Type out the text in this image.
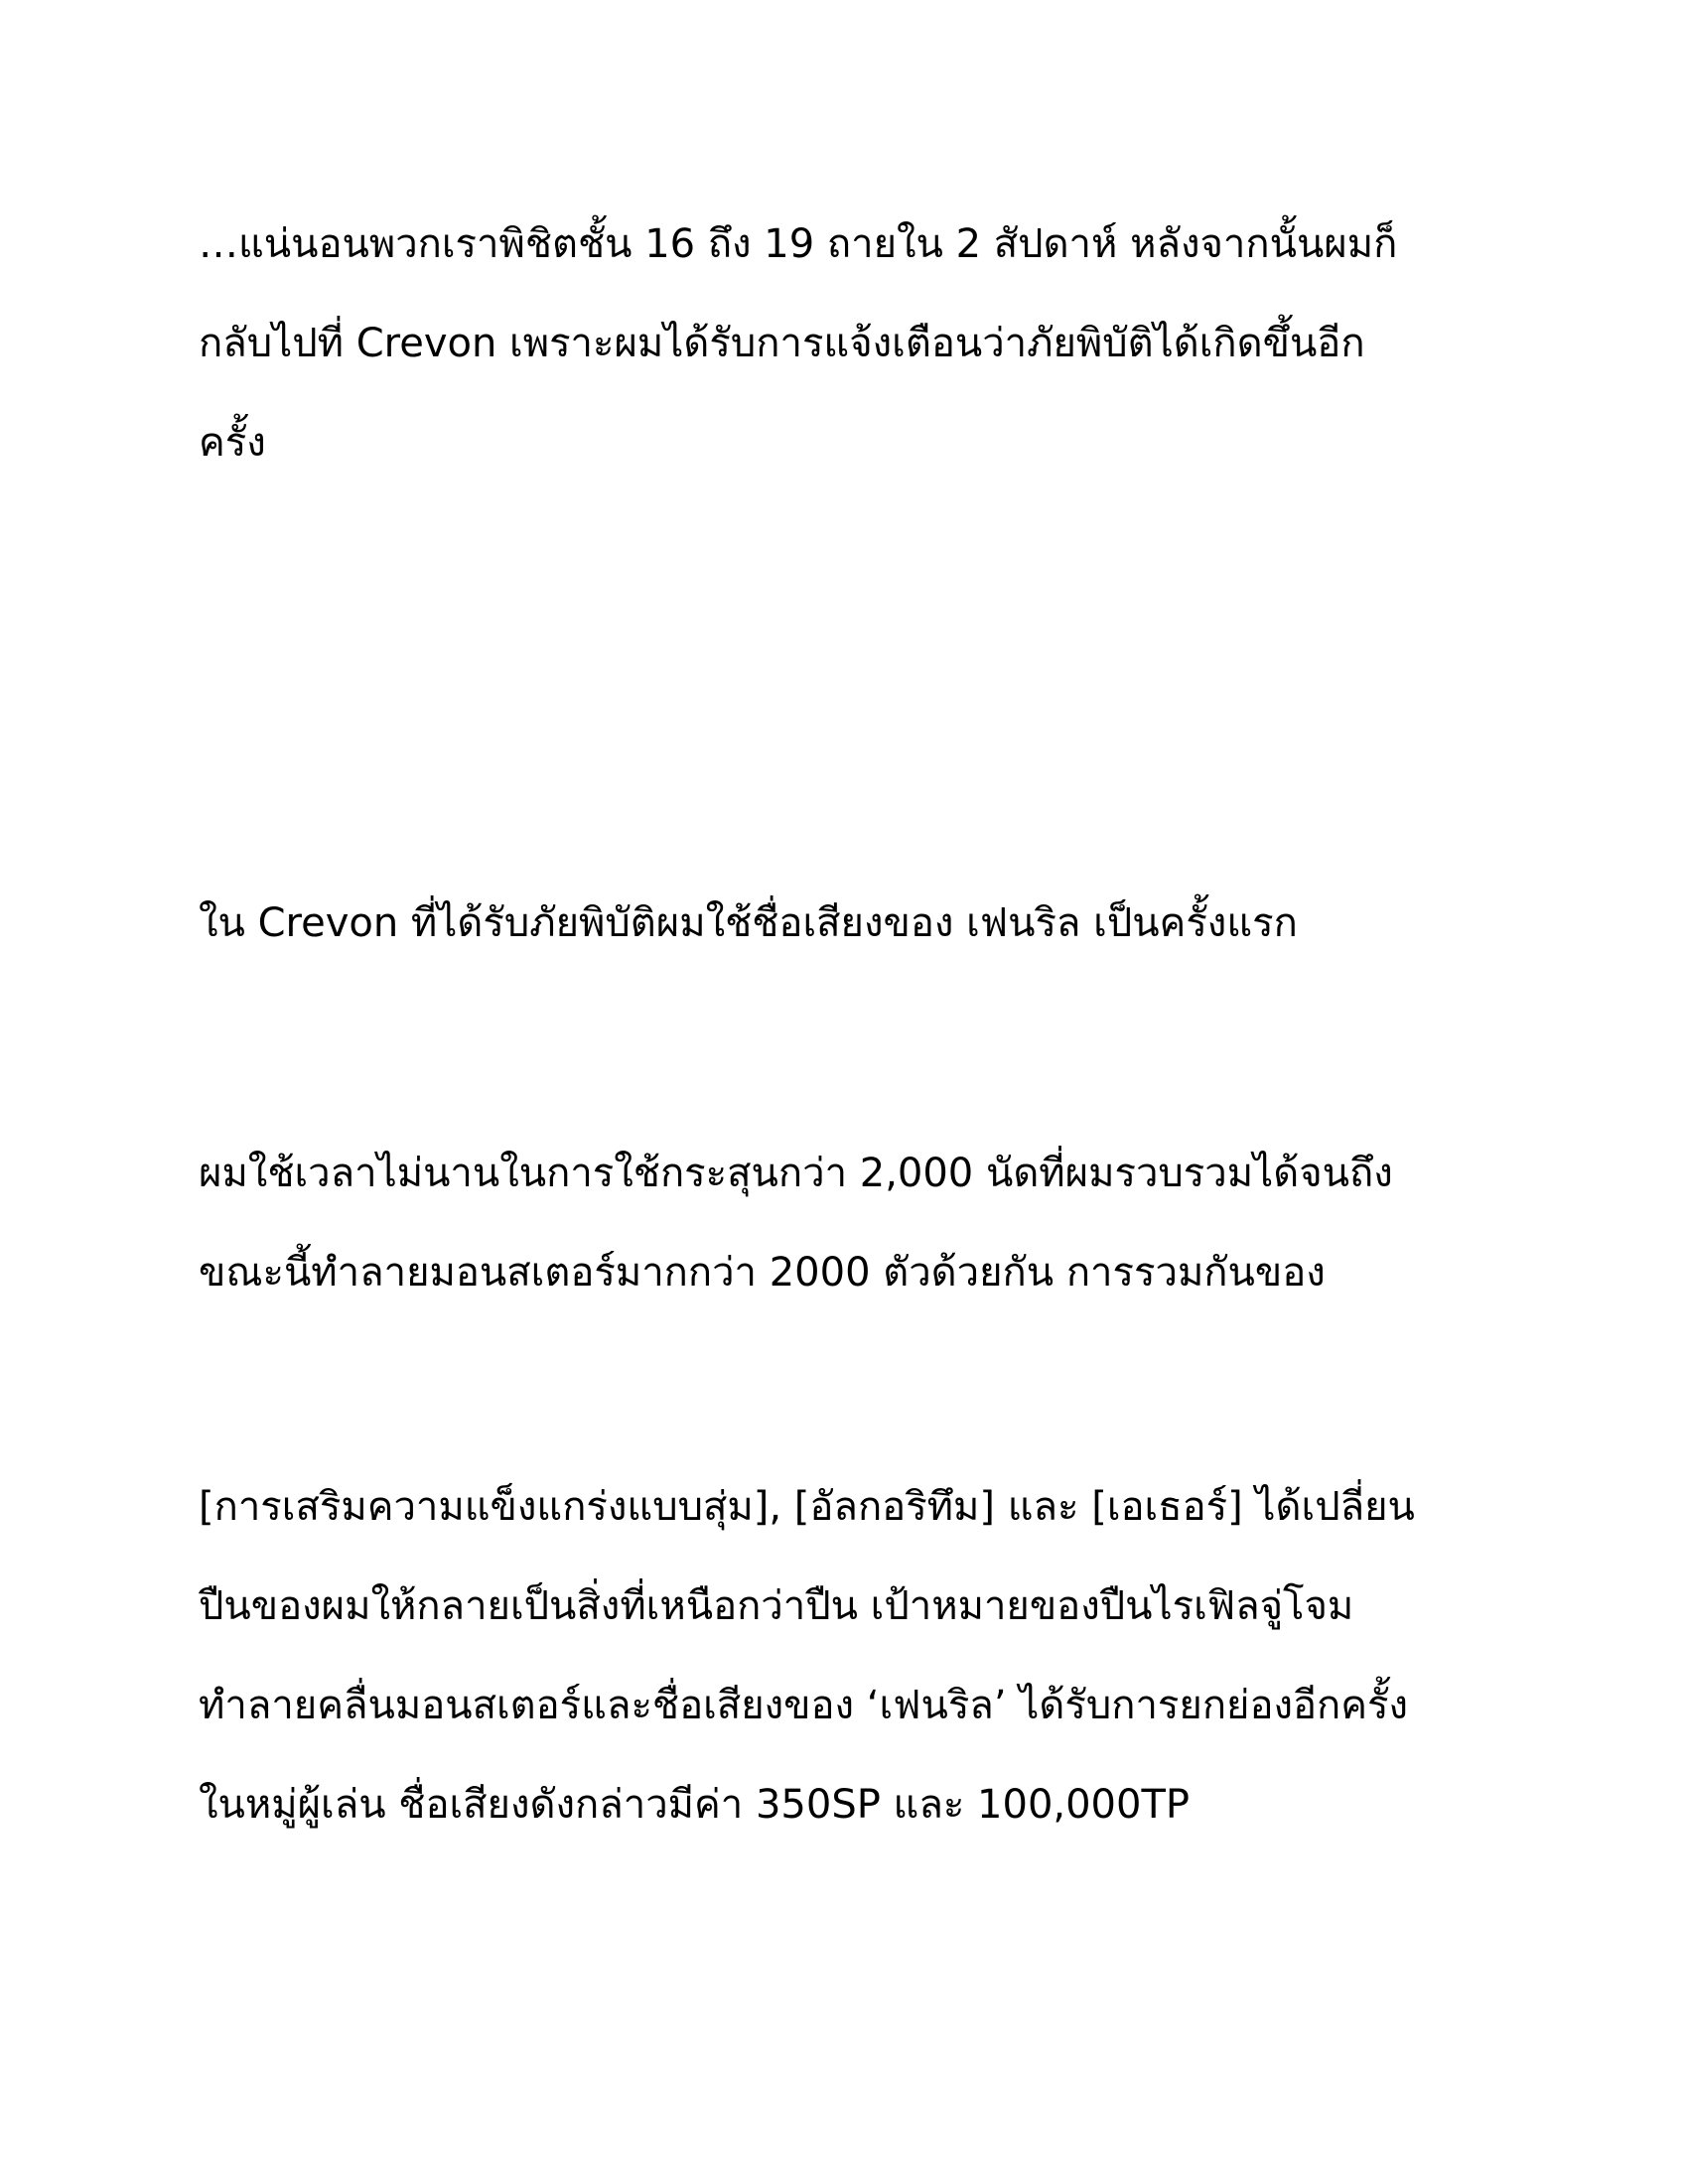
…แน่นอนพวกเราพิชิตชั้น 16 ถึง 19 ถายใน 2 สัปดาห์ หลังจากนั้นผมก็
กลับไปที่ Crevon เพราะผมได้รับการแจ้งเตือนว่าภัยพิบัติได้เกิดขึ้นอีก
ครั้ง

ใน Crevon ที่ได้รับภัยพิบัติผมใช้ชื่อเสียงของ เฟนริล เป็นครั้งแรก

ผมใช้เวลาไม่นานในการใช้กระสุนกว่า 2,000 นัดที่ผมรวบรวมได้จนถึง
ขณะนี้ทำลายมอนสเตอร์มากกว่า 2000 ตัวด้วยกัน การรวมกันของ

[การเสริมความแข็งแกร่งแบบสุ่ม], [อัลกอริทึม] และ [เอเธอร์] ได้เปลี่ยน
ปืนของผมให้กลายเป็นสิ่งที่เหนือกว่าปืน เป้าหมายของปืนไรเฟิลจู่โจม
ทำลายคลื่นมอนสเตอร์และชื่อเสียงของ ‘เฟนริล’ ได้รับการยกย่องอีกครั้ง
ในหมู่ผู้เล่น ชื่อเสียงดังกล่าวมีค่า 350SP และ 100,000TP
